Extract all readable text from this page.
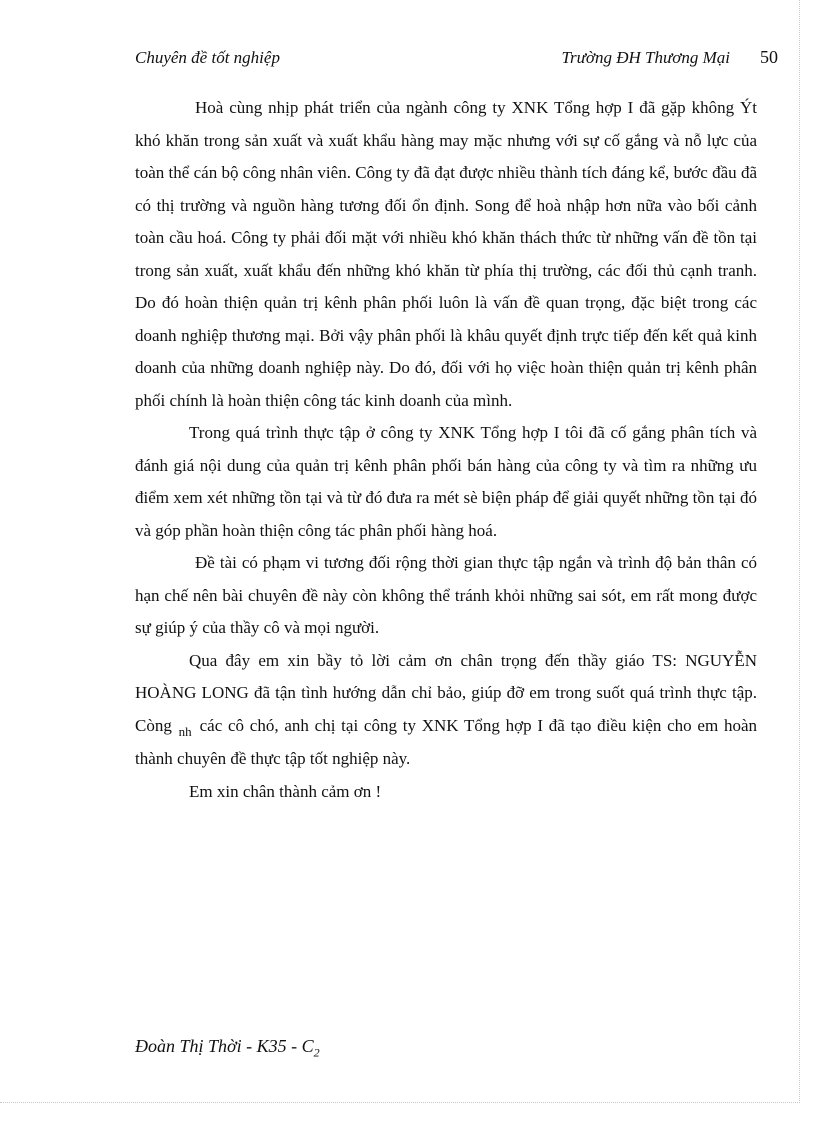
Chuyên đề tốt nghiệp	Trường ĐH Thương Mại 50

Hoà cùng nhịp phát triển của ngành công ty XNK Tổng hợp I đã gặp không Ýt khó khăn trong sản xuất và xuất khẩu hàng may mặc nhưng với sự cố gắng và nỗ lực của toàn thể cán bộ công nhân viên. Công ty đã đạt được nhiều thành tích đáng kể, bước đầu đã có thị trường và nguồn hàng tương đối ổn định. Song để hoà nhập hơn nữa vào bối cảnh toàn cầu hoá. Công ty phải đối mặt với nhiều khó khăn thách thức từ những vấn đề tồn tại trong sản xuất, xuất khẩu đến những khó khăn từ phía thị trường, các đối thủ cạnh tranh. Do đó hoàn thiện quản trị kênh phân phối luôn là vấn đề quan trọng, đặc biệt trong các doanh nghiệp thương mại. Bởi vậy phân phối là khâu quyết định trực tiếp đến kết quả kinh doanh của những doanh nghiệp này. Do đó, đối với họ việc hoàn thiện quản trị kênh phân phối chính là hoàn thiện công tác kinh doanh của mình.

Trong quá trình thực tập ở công ty XNK Tổng hợp I tôi đã cố gắng phân tích và đánh giá nội dung của quản trị kênh phân phối bán hàng của công ty và tìm ra những ưu điểm xem xét những tồn tại và từ đó đưa ra mét sè biện pháp để giải quyết những tồn tại đó và góp phần hoàn thiện công tác phân phối hàng hoá.

Đề tài có phạm vi tương đối rộng thời gian thực tập ngắn và trình độ bản thân có hạn chế nên bài chuyên đề này còn không thể tránh khỏi những sai sót, em rất mong được sự giúp ý của thầy cô và mọi người.

Qua đây em xin bầy tỏ lời cảm ơn chân trọng đến thầy giáo TS: NGUYỄN HOÀNG LONG đã tận tình hướng dẫn chỉ bảo, giúp đỡ em trong suốt quá trình thực tập. Còng $_{nh}$ các cô chó, anh chị tại công ty XNK Tổng hợp I đã tạo điều kiện cho em hoàn thành chuyên đề thực tập tốt nghiệp này.

Em xin chân thành cảm ơn !

Đoàn Thị Thời - $K35 - C_2$
